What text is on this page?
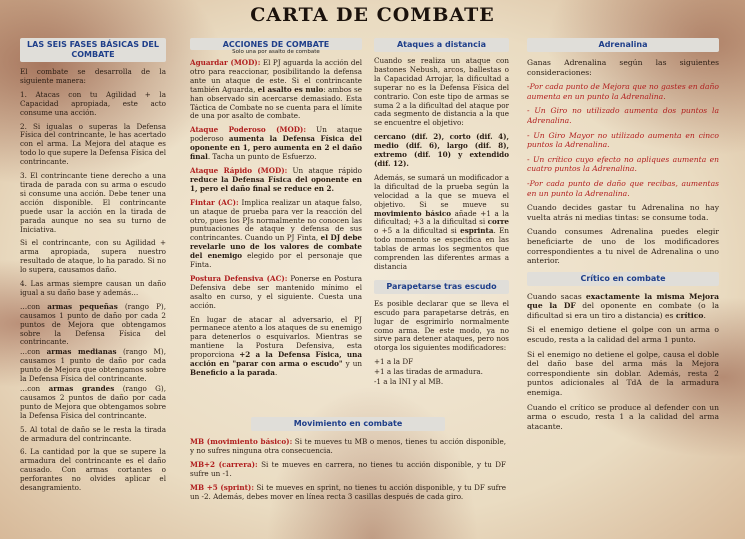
CARTA DE COMBATE
LAS SEIS FASES BÁSICAS DEL COMBATE

El combate se desarrolla de la siguiente manera:

1. Atacas con tu Agilidad + la Capacidad apropiada, este acto consume una acción.

2. Si igualas o superas la Defensa Física del contrincante, le has acertado con el arma. La Mejora del ataque es todo lo que supere la Defensa Física del contrincante.

3. El contrincante tiene derecho a una tirada de parada con su arma o escudo si consume una acción. Debe tener una acción disponible. El contrincante puede usar la acción en la tirada de parada aunque no sea su turno de Iniciativa.

Si el contrincante, con su Agilidad + arma apropiada, supera nuestro resultado de ataque, lo ha parado. Si no lo supera, causamos daño.

4. Las armas siempre causan un daño igual a su daño base y además…

…con armas pequeñas (rango P), causamos 1 punto de daño por cada 2 puntos de Mejora que obtengamos sobre la Defensa Física del contrincante.

…con armas medianas (rango M), causamos 1 punto de daño por cada punto de Mejora que obtengamos sobre la Defensa Física del contrincante.

…con armas grandes (rango G), causamos 2 puntos de daño por cada punto de Mejora que obtengamos sobre la Defensa Física del contrincante.

5. Al total de daño se le resta la tirada de armadura del contrincante.

6. La cantidad por la que se supere la armadura del contrincante es el daño causado. Con armas cortantes o perforantes no olvides aplicar el desangramiento.

ACCIONES DE COMBATE
Solo una por asalto de combate

Aguardar (MOD): El PJ aguarda la acción del otro para reaccionar, posibilitando la defensa ante un ataque de este. Si el contrincante también Aguarda, el asalto es nulo: ambos se han observado sin acercarse demasiado. Esta Táctica de Combate no se cuenta para el límite de una por asalto de combate.

Ataque Poderoso (MOD): Un ataque poderoso aumenta la Defensa Física del oponente en 1, pero aumenta en 2 el daño final. Tacha un punto de Esfuerzo.

Ataque Rápido (MOD): Un ataque rápido reduce la Defensa Física del oponente en 1, pero el daño final se reduce en 2.

Fintar (AC): Implica realizar un ataque falso, un ataque de prueba para ver la reacción del otro, pues los PJs normalmente no conocen las puntuaciones de ataque y defensa de sus contrincantes. Cuando un PJ Finta, el DJ debe revelarle uno de los valores de combate del enemigo elegido por el personaje que Finta.

Postura Defensiva (AC): Ponerse en Postura Defensiva debe ser mantenido mínimo el asalto en curso, y el siguiente. Cuesta una acción.

En lugar de atacar al adversario, el PJ permanece atento a los ataques de su enemigo para detenerlos o esquivarlos. Mientras se mantiene la Postura Defensiva, esta proporciona +2 a la Defensa Física, una acción en "parar con arma o escudo" y un Beneficio a la parada.

Ataques a distancia

Cuando se realiza un ataque con bastones Nebush, arcos, ballestas o la Capacidad Arrojar, la dificultad a superar no es la Defensa Física del contrario. Con este tipo de armas se suma 2 a la dificultad del ataque por cada segmento de distancia a la que se encuentre el objetivo:

cercano (dif. 2), corto (dif. 4), medio (dif. 6), largo (dif. 8), extremo (dif. 10) y extendido (dif. 12).

Además, se sumará un modificador a la dificultad de la prueba según la velocidad a la que se mueva el objetivo. Si se mueve su movimiento básico añade +1 a la dificultad; +3 a la dificultad si corre o +5 a la dificultad si esprinta. En todo momento se especifica en las tablas de armas los segmentos que comprenden las diferentes armas a distancia

Parapetarse tras escudo

Es posible declarar que se lleva el escudo para parapetarse detrás, en lugar de esgrimirlo normalmente como arma. De este modo, ya no sirve para detener ataques, pero nos otorga los siguientes modificadores:

+1 a la DF

+1 a las tiradas de armadura.

-1 a la INI y al MB.

Movimiento en combate

MB (movimiento básico): Si te mueves tu MB o menos, tienes tu acción disponible, y no sufres ninguna otra consecuencia.

MB+2 (carrera): Si te mueves en carrera, no tienes tu acción disponible, y tu DF sufre un -1.

MB +5 (sprint): Si te mueves en sprint, no tienes tu acción disponible, y tu DF sufre un -2. Además, debes mover en línea recta 3 casillas después de cada giro.

Adrenalina

Ganas Adrenalina según las siguientes consideraciones:

-Por cada punto de Mejora que no gastes en daño aumenta en un punto la Adrenalina.

- Un Giro no utilizado aumenta dos puntos la Adrenalina.

- Un Giro Mayor no utilizado aumenta en cinco puntos la Adrenalina.

- Un crítico cuyo efecto no apliques aumenta en cuatro puntos la Adrenalina.

-Por cada punto de daño que recibas, aumentas en un punto la Adrenalina.

Cuando decides gastar tu Adrenalina no hay vuelta atrás ni medias tintas: se consume toda.

Cuando consumes Adrenalina puedes elegir beneficiarte de uno de los modificadores correspondientes a tu nivel de Adrenalina o uno anterior.

Crítico en combate

Cuando sacas exactamente la misma Mejora que la DF del oponente en combate (o la dificultad si era un tiro a distancia) es crítico.

Si el enemigo detiene el golpe con un arma o escudo, resta a la calidad del arma 1 punto.

Si el enemigo no detiene el golpe, causa el doble del daño base del arma más la Mejora correspondiente sin doblar. Además, resta 2 puntos adicionales al TdA de la armadura enemiga.

Cuando el crítico se produce al defender con un arma o escudo, resta 1 a la calidad del arma atacante.
